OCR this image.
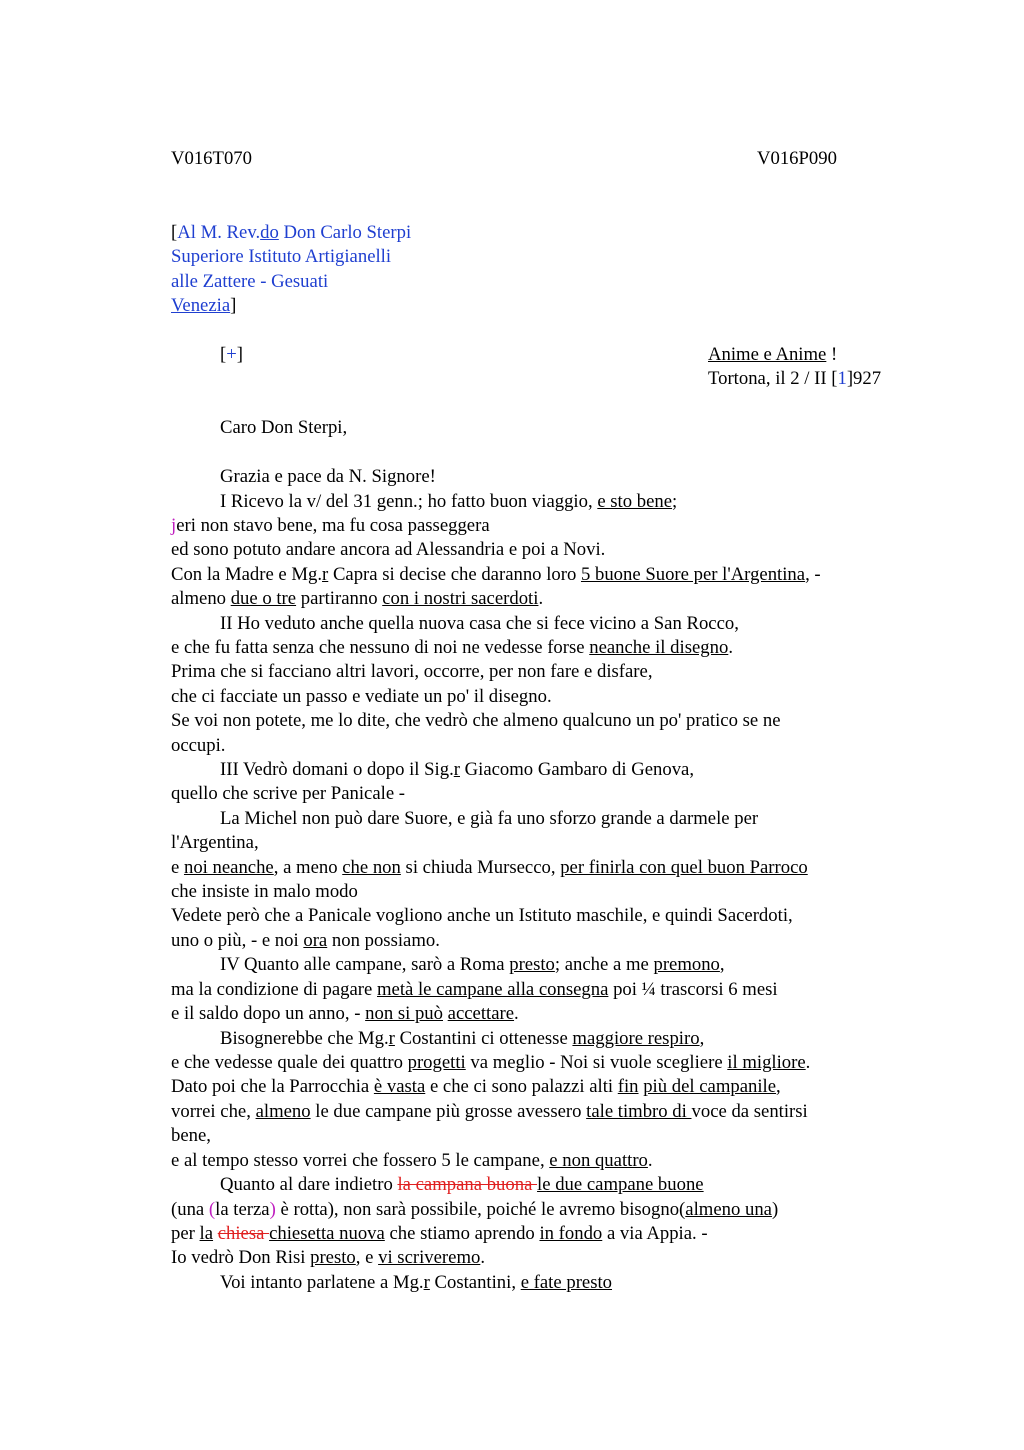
V016T070	V016P090
[Al M. Rev.do Don Carlo Sterpi
Superiore Istituto Artigianelli
alle Zattere - Gesuati
Venezia]
[+]	Anime e Anime !
Tortona, il 2 / II [1]927
Caro Don Sterpi,
Grazia e pace da N. Signore!
I Ricevo la v/ del 31 genn.; ho fatto buon viaggio, e sto bene;
jeri non stavo bene, ma fu cosa passeggera
ed sono potuto andare ancora ad Alessandria e poi a Novi.
Con la Madre e Mg.r Capra si decise che daranno loro 5 buone Suore per l'Argentina, -
almeno due o tre partiranno con i nostri sacerdoti.
II Ho veduto anche quella nuova casa che si fece vicino a San Rocco,
e che fu fatta senza che nessuno di noi ne vedesse forse neanche il disegno.
Prima che si facciano altri lavori, occorre, per non fare e disfare,
che ci facciate un passo e vediate un po' il disegno.
Se voi non potete, me lo dite, che vedrò che almeno qualcuno un po' pratico se ne
occupi.
III Vedrò domani o dopo il Sig.r Giacomo Gambaro di Genova,
quello che scrive per Panicale -
La Michel non può dare Suore, e già fa uno sforzo grande a darmele per
l'Argentina,
e noi neanche, a meno che non si chiuda Mursecco, per finirla con quel buon Parroco
che insiste in malo modo
Vedete però che a Panicale vogliono anche un Istituto maschile, e quindi Sacerdoti,
uno o più, - e noi ora non possiamo.
IV Quanto alle campane, sarò a Roma presto; anche a me premono,
ma la condizione di pagare metà le campane alla consegna poi ¼ trascorsi 6 mesi
e il saldo dopo un anno, - non si può accettare.
Bisognerebbe che Mg.r Costantini ci ottenesse maggiore respiro,
e che vedesse quale dei quattro progetti va meglio - Noi si vuole scegliere il migliore.
Dato poi che la Parrocchia è vasta e che ci sono palazzi alti fin più del campanile,
vorrei che, almeno le due campane più grosse avessero tale timbro di voce da sentirsi
bene,
e al tempo stesso vorrei che fossero 5 le campane, e non quattro.
Quanto al dare indietro la campana buona le due campane buone
(una (la terza) è rotta), non sarà possibile, poiché le avremo bisogno(almeno una)
per la chiesa chiesetta nuova che stiamo aprendo in fondo a via Appia. -
Io vedrò Don Risi presto, e vi scriveremo.
Voi intanto parlatene a Mg.r Costantini, e fate presto
